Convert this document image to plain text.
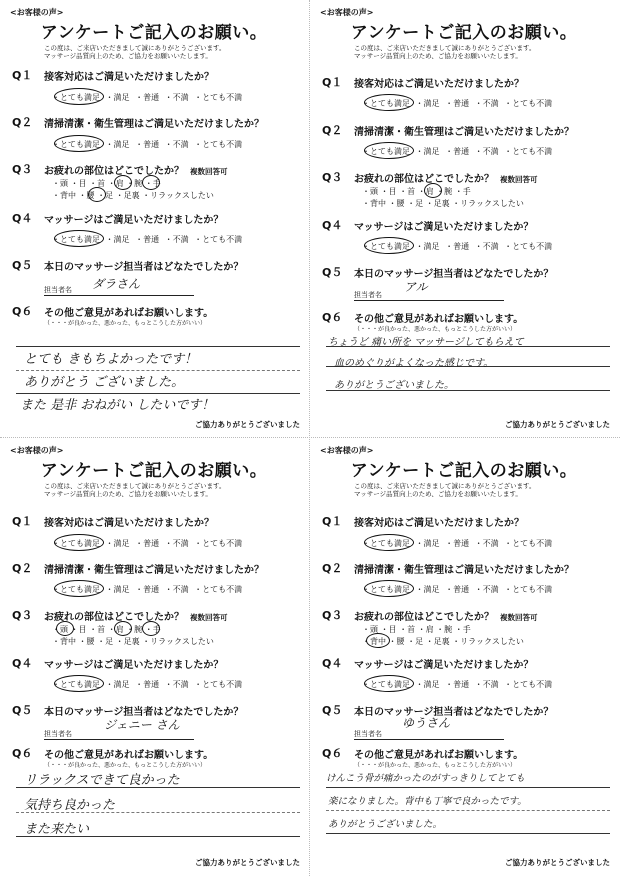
<お客様の声>
アンケートご記入のお願い。
この度は、ご来店いただきまして誠にありがとうございます。
マッサージ品質向上のため、ご協力をお願いいたします。
Q１ 接客対応はご満足いただけましたか？
・とても満足 ・満足 ・普通 ・不満 ・とても不満
Q２ 清掃清潔・衛生管理はご満足いただけましたか？
・とても満足 ・満足 ・普通 ・不満 ・とても不満
Q３ お疲れの部位はどこでしたか？ 複数回答可
・頭 ・目 ・首 ・肩 ・腕 ・手
・背中 ・腰 ・足 ・足裏 ・リラックスしたい
Q４ マッサージはご満足いただけましたか？
・とても満足 ・満足 ・普通 ・不満 ・とても不満
Q５ 本日のマッサージ担当者はどなたでしたか？
担当者名 ダラさん
Q６ その他ご意見があればお願いします。
（・・・が良かった、悪かった、もっとこうした方がいい）
とても きもちよかったです！
ありがとう ございました。
また 是非 おねがい したいです！
ご協力ありがとうございました
<お客様の声>
アンケートご記入のお願い。
この度は、ご来店いただきまして誠にありがとうございます。
マッサージ品質向上のため、ご協力をお願いいたします。
Q１ 接客対応はご満足いただけましたか？
・とても満足 ・満足 ・普通 ・不満 ・とても不満
Q２ 清掃清潔・衛生管理はご満足いただけましたか？
・とても満足 ・満足 ・普通 ・不満 ・とても不満
Q３ お疲れの部位はどこでしたか？ 複数回答可
・頭 ・目 ・首 ・肩 ・腕 ・手
・背中 ・腰 ・足 ・足裏 ・リラックスしたい
Q４ マッサージはご満足いただけましたか？
・とても満足 ・満足 ・普通 ・不満 ・とても不満
Q５ 本日のマッサージ担当者はどなたでしたか？
担当者名
アル
Q６ その他ご意見があればお願いします。
（・・・が良かった、悪かった、もっとこうした方がいい）
ちょうど 痛い所を マッサージしてもらえて
血のめぐりがよくなった感じです。
ありがとうございました。
ご協力ありがとうございました
<お客様の声>
アンケートご記入のお願い。
この度は、ご来店いただきまして誠にありがとうございます。
マッサージ品質向上のため、ご協力をお願いいたします。
Q１ 接客対応はご満足いただけましたか？
・とても満足 ・満足 ・普通 ・不満 ・とても不満
Q２ 清掃清潔・衛生管理はご満足いただけましたか？
・とても満足 ・満足 ・普通 ・不満 ・とても不満
Q３ お疲れの部位はどこでしたか？ 複数回答可
・頭 ・目 ・首 ・肩 ・腕 ・手
・背中 ・腰 ・足 ・足裏 ・リラックスしたい
Q４ マッサージはご満足いただけましたか？
・とても満足 ・満足 ・普通 ・不満 ・とても不満
Q５ 本日のマッサージ担当者はどなたでしたか？
担当者名
ジェニー さん
Q６ その他ご意見があればお願いします。
（・・・が良かった、悪かった、もっとこうした方がいい）
リラックスできて良かった
気持ち良かった
また来たい
ご協力ありがとうございました
<お客様の声>
アンケートご記入のお願い。
この度は、ご来店いただきまして誠にありがとうございます。
マッサージ品質向上のため、ご協力をお願いいたします。
Q１ 接客対応はご満足いただけましたか？
・とても満足 ・満足 ・普通 ・不満 ・とても不満
Q２ 清掃清潔・衛生管理はご満足いただけましたか？
・とても満足 ・満足 ・普通 ・不満 ・とても不満
Q３ お疲れの部位はどこでしたか？ 複数回答可
・頭 ・目 ・首 ・肩 ・腕 ・手
・背中 ・腰 ・足 ・足裏 ・リラックスしたい
Q４ マッサージはご満足いただけましたか？
・とても満足 ・満足 ・普通 ・不満 ・とても不満
Q５ 本日のマッサージ担当者はどなたでしたか？
担当者名
ゆうさん
Q６ その他ご意見があればお願いします。
（・・・が良かった、悪かった、もっとこうした方がいい）
けんこう骨が痛かったのがすっきりしてとても
楽になりました。背中も丁寧で良かったです。
ありがとうございました。
ご協力ありがとうございました
